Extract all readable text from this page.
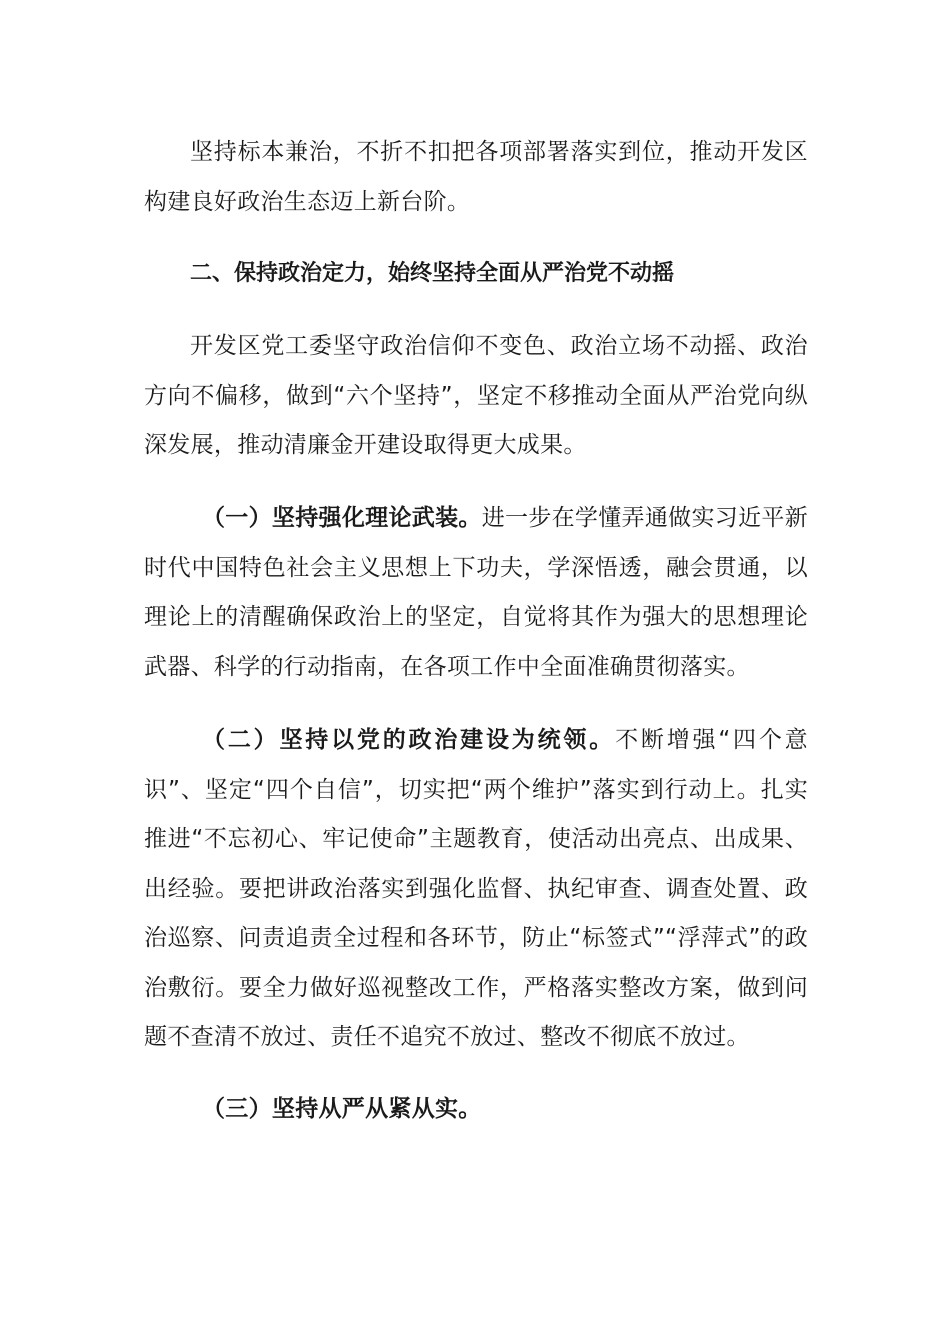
坚持标本兼治，不折不扣把各项部署落实到位，推动开发区构建良好政治生态迈上新台阶。

二、保持政治定力，始终坚持全面从严治党不动摇

开发区党工委坚守政治信仰不变色、政治立场不动摇、政治方向不偏移，做到“六个坚持”，坚定不移推动全面从严治党向纵深发展，推动清廉金开建设取得更大成果。

（一）坚持强化理论武装。进一步在学懂弄通做实习近平新时代中国特色社会主义思想上下功夫，学深悟透，融会贯通，以理论上的清醒确保政治上的坚定，自觉将其作为强大的思想理论武器、科学的行动指南，在各项工作中全面准确贯彻落实。

（二）坚持以党的政治建设为统领。不断增强“四个意识”、坚定“四个自信”，切实把“两个维护”落实到行动上。扎实推进“不忘初心、牢记使命”主题教育，使活动出亮点、出成果、出经验。要把讲政治落实到强化监督、执纪审查、调查处置、政治巡察、问责追责全过程和各环节，防止“标签式”“浮萍式”的政治敷衍。要全力做好巡视整改工作，严格落实整改方案，做到问题不查清不放过、责任不追究不放过、整改不彻底不放过。

（三）坚持从严从紧从实。
